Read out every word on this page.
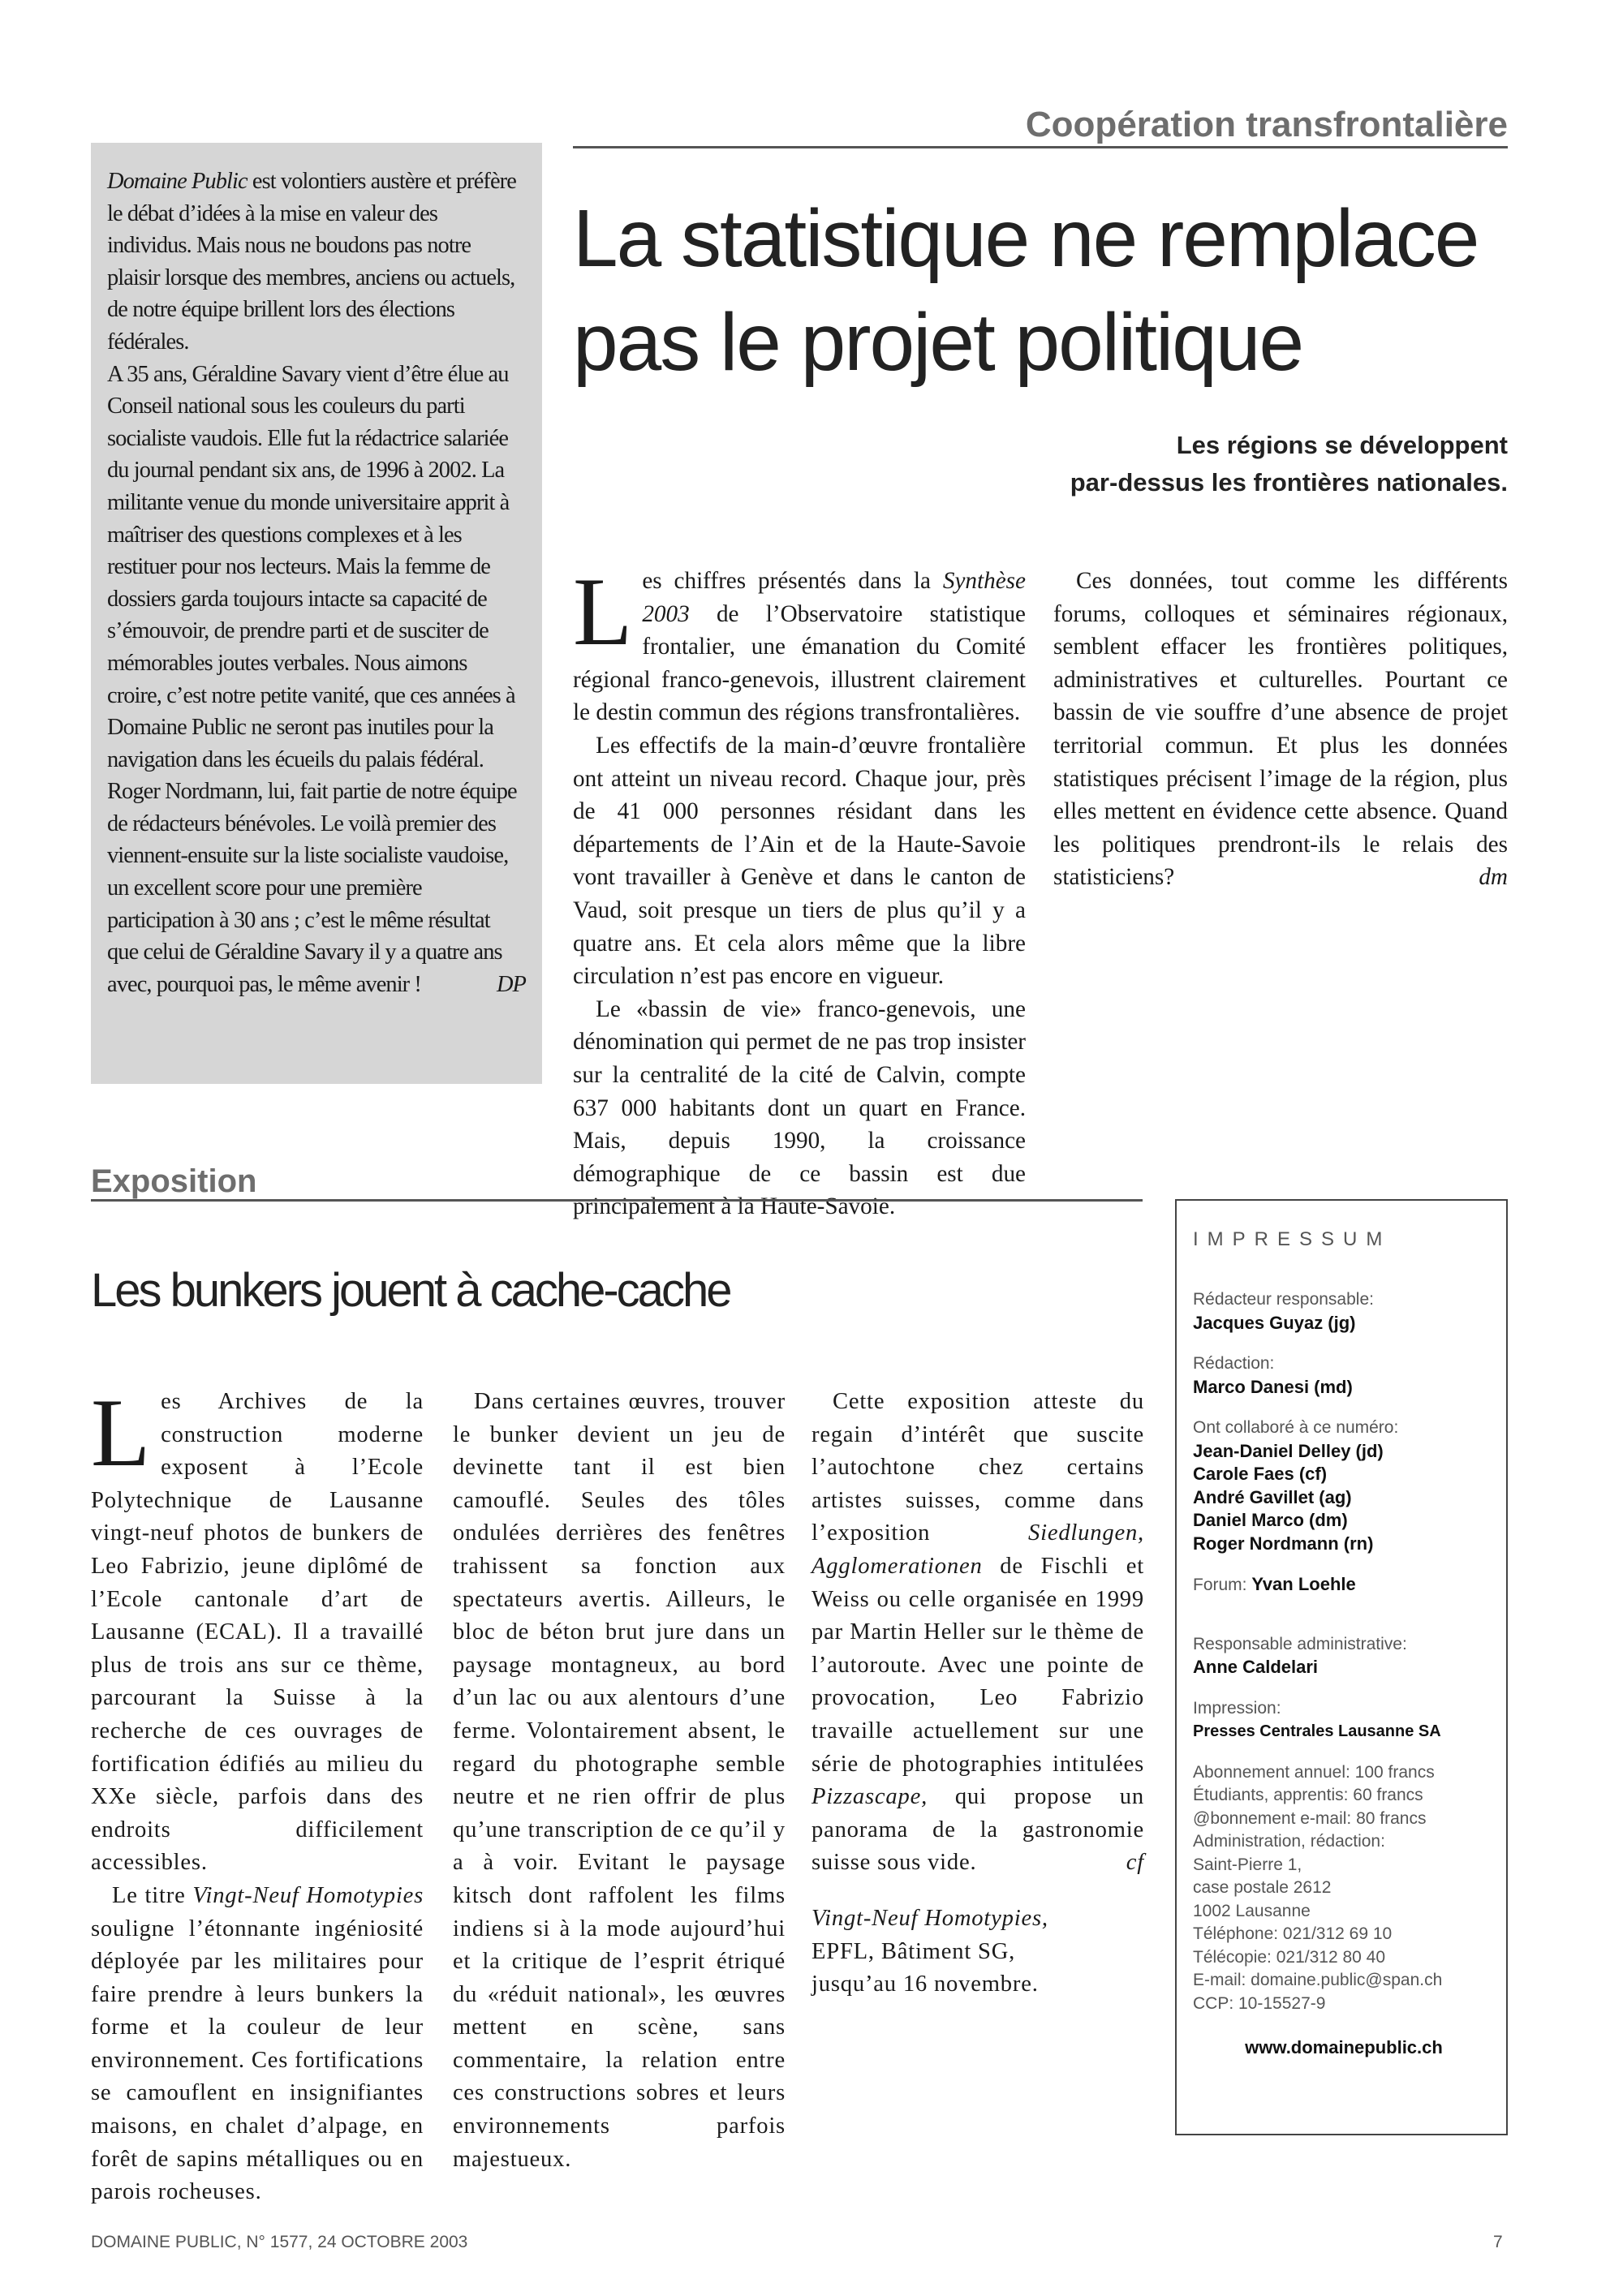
Coopération transfrontalière
La statistique ne remplace
pas le projet politique
Les régions se développent
par-dessus les frontières nationales.

Domaine Public est volontiers austère et préfère le débat d’idées à la mise en valeur des individus. Mais nous ne boudons pas notre plaisir lorsque des membres, anciens ou actuels, de notre équipe brillent lors des élections fédérales.

A 35 ans, Géraldine Savary vient d’être élue au Conseil national sous les couleurs du parti socialiste vaudois. Elle fut la rédactrice salariée du journal pendant six ans, de 1996 à 2002. La militante venue du monde universitaire apprit à maîtriser des questions complexes et à les restituer pour nos lecteurs. Mais la femme de dossiers garda toujours intacte sa capacité de s’émouvoir, de prendre parti et de susciter de mémorables joutes verbales. Nous aimons croire, c’est notre petite vanité, que ces années à Domaine Public ne seront pas inutiles pour la navigation dans les écueils du palais fédéral.

Roger Nordmann, lui, fait partie de notre équipe de rédacteurs bénévoles. Le voilà premier des viennent-ensuite sur la liste socialiste vaudoise, un excellent score pour une première participation à 30 ans ; c’est le même résultat que celui de Géraldine Savary il y a quatre ans avec, pourquoi pas, le même avenir !	DP

Les chiffres présentés dans la Synthèse 2003 de l’Observatoire statistique frontalier, une émanation du Comité régional franco-genevois, illustrent clairement le destin commun des régions transfrontalières.

Les effectifs de la main-d’œuvre frontalière ont atteint un niveau record. Chaque jour, près de 41 000 personnes résidant dans les départements de l’Ain et de la Haute-Savoie vont travailler à Genève et dans le canton de Vaud, soit presque un tiers de plus qu’il y a quatre ans. Et cela alors même que la libre circulation n’est pas encore en vigueur.

Le «bassin de vie» franco-genevois, une dénomination qui permet de ne pas trop insister sur la centralité de la cité de Calvin, compte 637 000 habitants dont un quart en France. Mais, depuis 1990, la croissance démographique de ce bassin est due principalement à la Haute-Savoie.

Ces données, tout comme les différents forums, colloques et séminaires régionaux, semblent effacer les frontières politiques, administratives et culturelles. Pourtant ce bassin de vie souffre d’une absence de projet territorial commun. Et plus les données statistiques précisent l’image de la région, plus elles mettent en évidence cette absence. Quand les politiques prendront-ils le relais des statisticiens?	dm

Exposition
Les bunkers jouent à cache-cache

Les Archives de la construction moderne exposent à l’Ecole Polytechnique de Lausanne vingt-neuf photos de bunkers de Leo Fabrizio, jeune diplômé de l’Ecole cantonale d’art de Lausanne (ECAL). Il a travaillé plus de trois ans sur ce thème, parcourant la Suisse à la recherche de ces ouvrages de fortification édifiés au milieu du XXe siècle, parfois dans des endroits difficilement accessibles.

Le titre Vingt-Neuf Homotypies souligne l’étonnante ingéniosité déployée par les militaires pour faire prendre à leurs bunkers la forme et la couleur de leur environnement. Ces fortifications se camouflent en insignifiantes maisons, en chalet d’alpage, en forêt de sapins métalliques ou en parois rocheuses.

Dans certaines œuvres, trouver le bunker devient un jeu de devinette tant il est bien camouflé. Seules des tôles ondulées derrières des fenêtres trahissent sa fonction aux spectateurs avertis. Ailleurs, le bloc de béton brut jure dans un paysage montagneux, au bord d’un lac ou aux alentours d’une ferme. Volontairement absent, le regard du photographe semble neutre et ne rien offrir de plus qu’une transcription de ce qu’il y a à voir. Evitant le paysage kitsch dont raffolent les films indiens si à la mode aujourd’hui et la critique de l’esprit étriqué du «réduit national», les œuvres mettent en scène, sans commentaire, la relation entre ces constructions sobres et leurs environnements parfois majestueux.

Cette exposition atteste du regain d’intérêt que suscite l’autochtone chez certains artistes suisses, comme dans l’exposition Siedlungen, Agglomerationen de Fischli et Weiss ou celle organisée en 1999 par Martin Heller sur le thème de l’autoroute. Avec une pointe de provocation, Leo Fabrizio travaille actuellement sur une série de photographies intitulées Pizzascape, qui propose un panorama de la gastronomie suisse sous vide.	cf

Vingt-Neuf Homotypies,
EPFL, Bâtiment SG,
jusqu’au 16 novembre.

IMPRESSUM
Rédacteur responsable:
Jacques Guyaz (jg)
Rédaction:
Marco Danesi (md)
Ont collaboré à ce numéro:
Jean-Daniel Delley (jd)
Carole Faes (cf)
André Gavillet (ag)
Daniel Marco (dm)
Roger Nordmann (rn)
Forum: Yvan Loehle
Responsable administrative:
Anne Caldelari
Impression:
Presses Centrales Lausanne SA
Abonnement annuel: 100 francs
Étudiants, apprentis: 60 francs
@bonnement e-mail: 80 francs
Administration, rédaction:
Saint-Pierre 1,
case postale 2612
1002 Lausanne
Téléphone: 021/312 69 10
Télécopie: 021/312 80 40
E-mail: domaine.public@span.ch
CCP: 10-15527-9
www.domainepublic.ch
DOMAINE PUBLIC, N° 1577, 24 OCTOBRE 2003	7
